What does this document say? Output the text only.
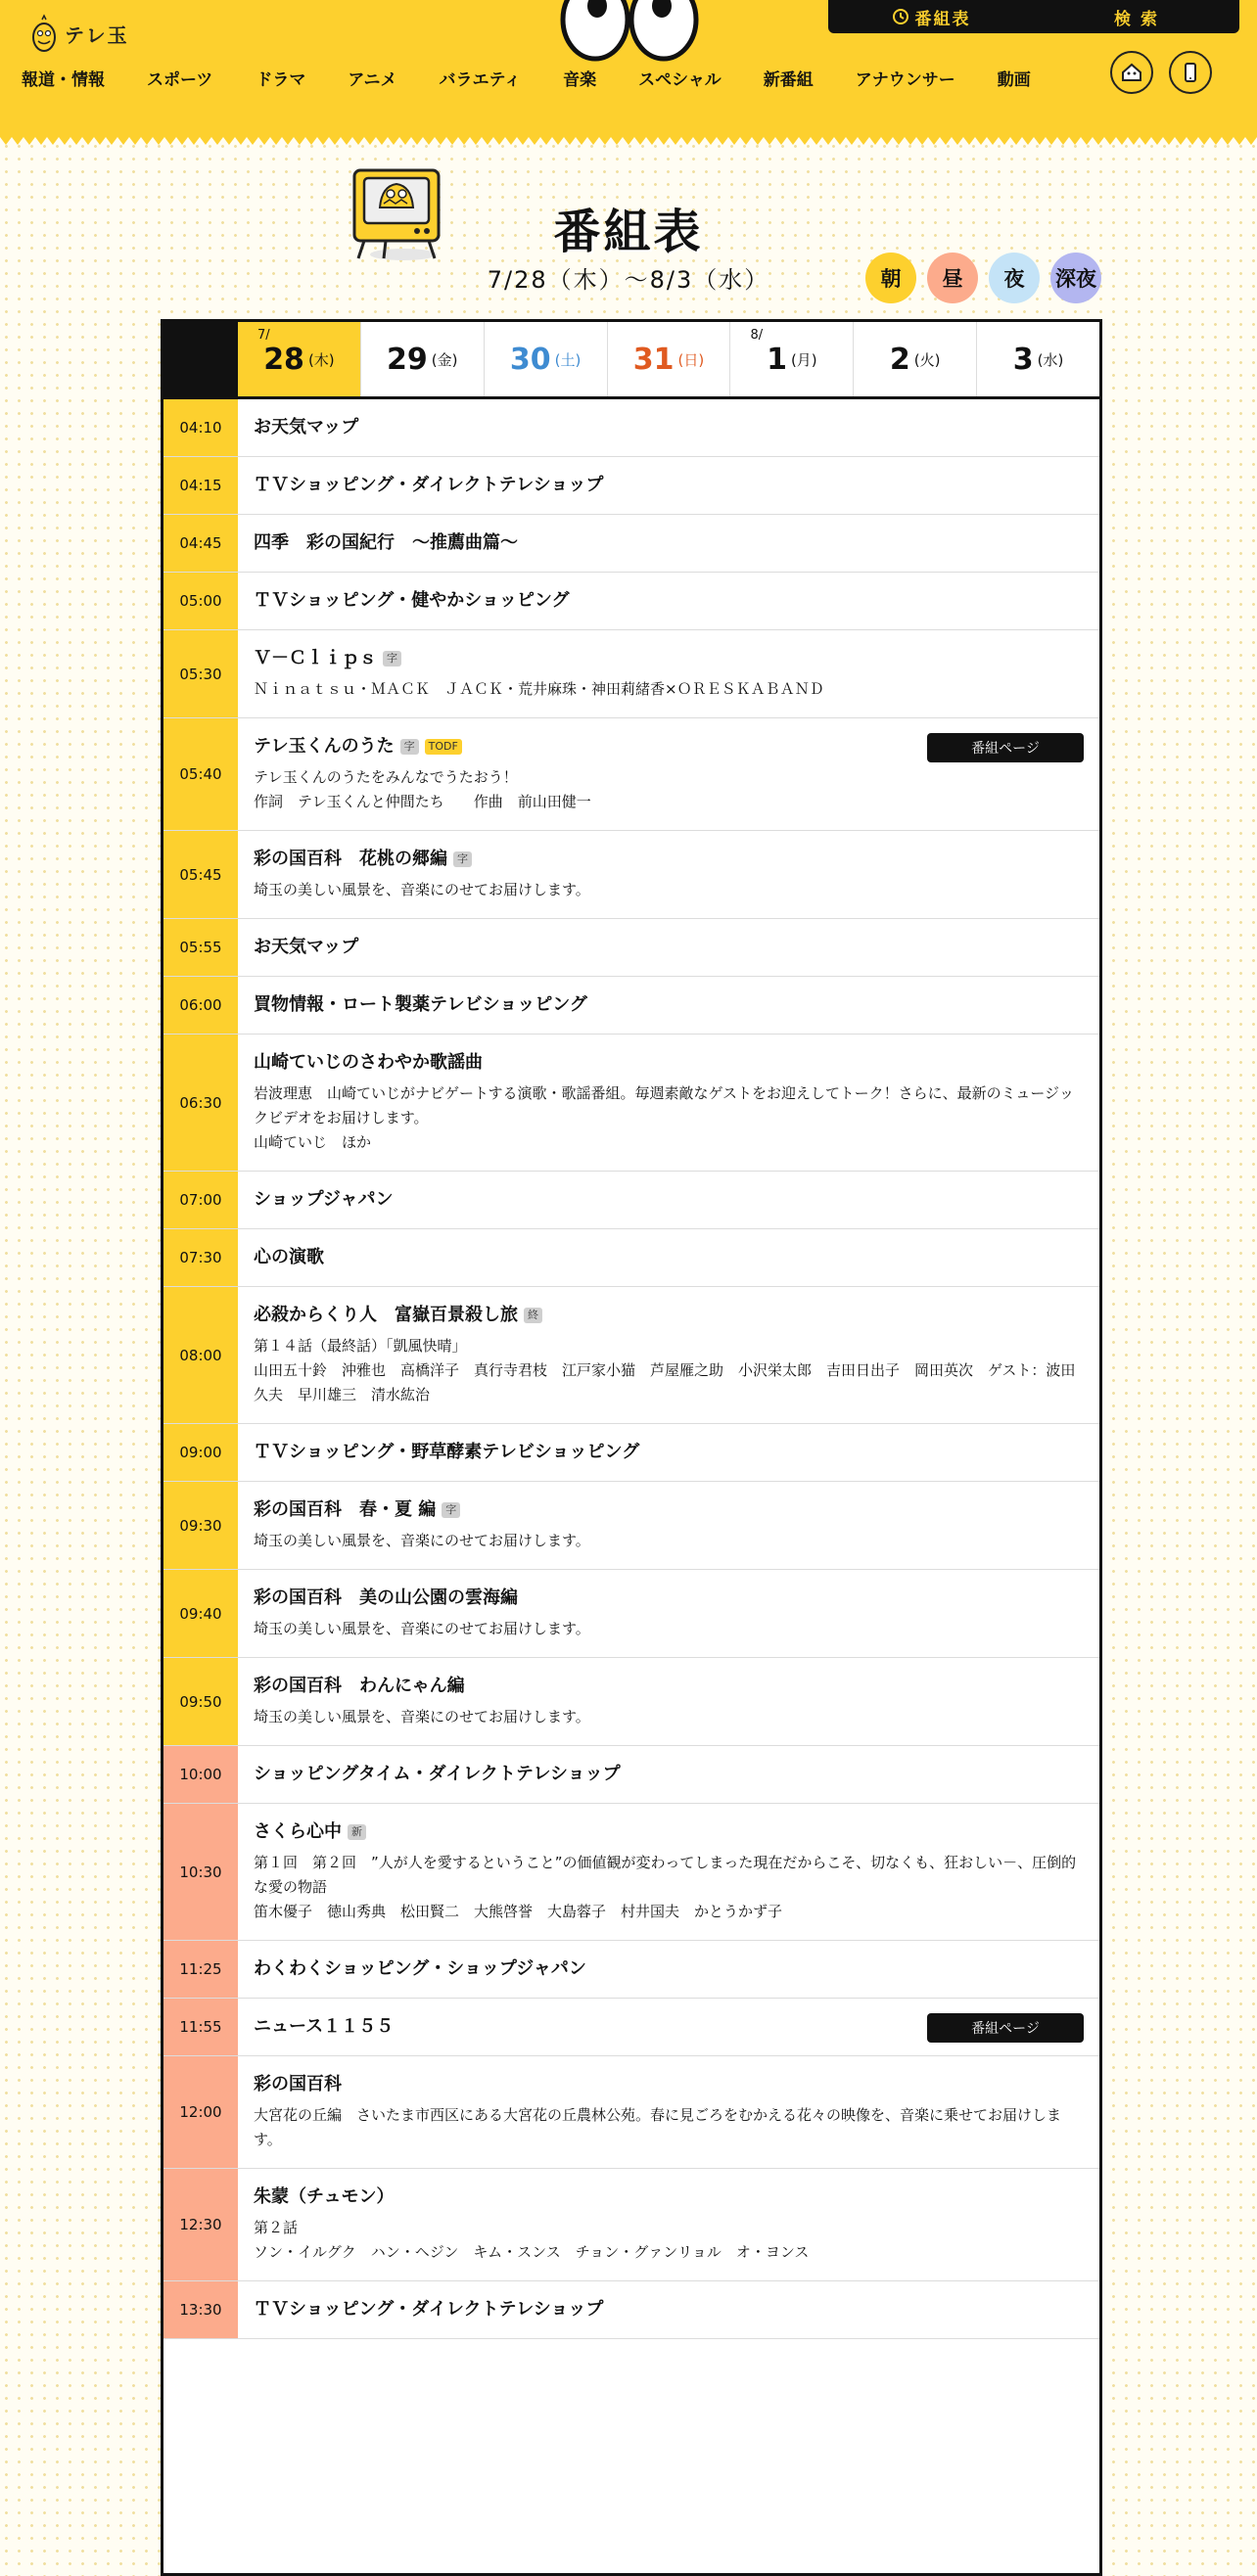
テレ玉
番組表	検 索
報道・情報	スポーツ	ドラマ	アニメ	バラエティ	音楽	スペシャル	新番組	アナウンサー	動画
番組表
7/28（木）〜8/3（水）	朝	昼	夜	深夜
7/
28 (木) 29 (金) 30 (土) 31 (日)
8/
1 (月) 2 (火) 3 (水)
04:10	お天気マップ
04:15	ＴＶショッピング・ダイレクトテレショップ
04:45	四季　彩の国紀行　～推薦曲篇～
05:00	ＴＶショッピング・健やかショッピング
05:30
Ｖ－Ｃｌｉｐｓ 字
Ｎｉｎａｔｓｕ・ＭＡＣＫ　ＪＡＣＫ・荒井麻珠・神田莉緒香×ＯＲＥＳＫＡＢＡＮＤ
05:40
テレ玉くんのうた 字	TODF
テレ玉くんのうたをみんなでうたおう！
作詞　テレ玉くんと仲間たち　　作曲　前山田健一
番組ページ
05:45
彩の国百科　花桃の郷編 字
埼玉の美しい風景を、音楽にのせてお届けします。
05:55	お天気マップ
06:00	買物情報・ロート製薬テレビショッピング
06:30
山崎ていじのさわやか歌謡曲
岩波理恵　山崎ていじがナビゲートする演歌・歌謡番組。毎週素敵なゲストをお迎えしてトーク！さらに、最新のミュージックビデオをお届けします。
山崎ていじ　ほか
07:00	ショップジャパン
07:30	心の演歌
08:00
必殺からくり人　富嶽百景殺し旅 終
第１４話（最終話）「凱風快晴」
山田五十鈴　沖雅也　高橋洋子　真行寺君枝　江戸家小猫　芦屋雁之助　小沢栄太郎　吉田日出子　岡田英次　ゲスト：波田久夫　早川雄三　清水紘治
09:00	ＴＶショッピング・野草酵素テレビショッピング
09:30
彩の国百科　春・夏 編 字
埼玉の美しい風景を、音楽にのせてお届けします。
09:40
彩の国百科　美の山公園の雲海編
埼玉の美しい風景を、音楽にのせてお届けします。
09:50
彩の国百科　わんにゃん編
埼玉の美しい風景を、音楽にのせてお届けします。
10:00	ショッピングタイム・ダイレクトテレショップ
10:30
さくら心中 新
第１回　第２回　”人が人を愛するということ”の価値観が変わってしまった現在だからこそ、切なくも、狂おしい－、圧倒的な愛の物語
笛木優子　徳山秀典　松田賢二　大熊啓誉　大島蓉子　村井国夫　かとうかず子
11:25	わくわくショッピング・ショップジャパン
11:55	ニュース１１５５	番組ページ
12:00
彩の国百科
大宮花の丘編　さいたま市西区にある大宮花の丘農林公苑。春に見ごろをむかえる花々の映像を、音楽に乗せてお届けします。
12:30
朱蒙（チュモン）
第２話
ソン・イルグク　ハン・ヘジン　キム・スンス　チョン・グァンリョル　オ・ヨンス
13:30	ＴＶショッピング・ダイレクトテレショップ
